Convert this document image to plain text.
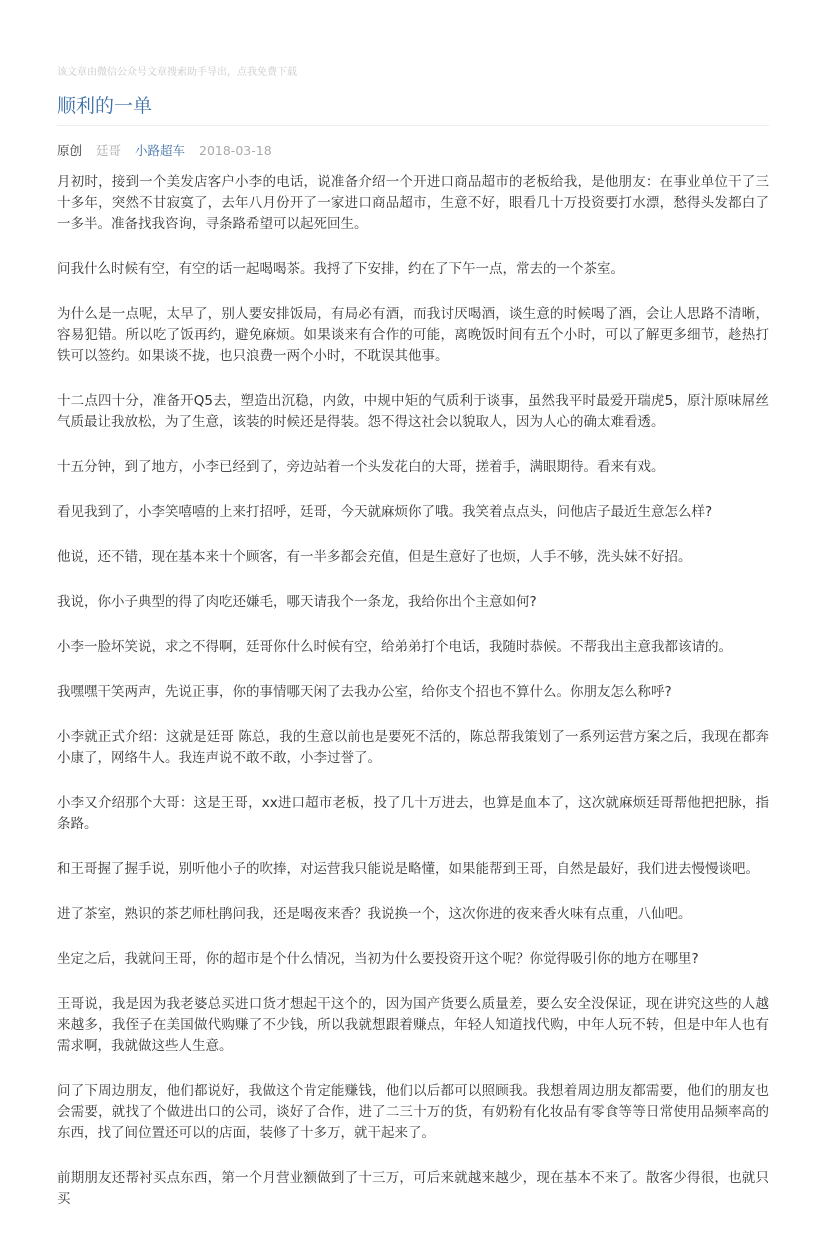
该文章由微信公众号文章搜索助手导出，点我免费下载
顺利的一单
原创 廷哥 小路超车 2018-03-18

月初时，接到一个美发店客户小李的电话，说准备介绍一个开进口商品超市的老板给我，是他朋友：在事业单位干了三十多年，突然不甘寂寞了，去年八月份开了一家进口商品超市，生意不好，眼看几十万投资要打水漂，愁得头发都白了一多半。准备找我咨询，寻条路希望可以起死回生。

问我什么时候有空，有空的话一起喝喝茶。我捋了下安排，约在了下午一点，常去的一个茶室。

为什么是一点呢，太早了，别人要安排饭局，有局必有酒，而我讨厌喝酒，谈生意的时候喝了酒，会让人思路不清晰，容易犯错。所以吃了饭再约，避免麻烦。如果谈来有合作的可能，离晚饭时间有五个小时，可以了解更多细节，趁热打铁可以签约。如果谈不拢，也只浪费一两个小时，不耽误其他事。

十二点四十分，准备开Q5去，塑造出沉稳，内敛，中规中矩的气质利于谈事，虽然我平时最爱开瑞虎5，原汁原味屌丝气质最让我放松，为了生意，该装的时候还是得装。怨不得这社会以貌取人，因为人心的确太难看透。

十五分钟，到了地方，小李已经到了，旁边站着一个头发花白的大哥，搓着手，满眼期待。看来有戏。

看见我到了，小李笑嘻嘻的上来打招呼，廷哥，今天就麻烦你了哦。我笑着点点头，问他店子最近生意怎么样?

他说，还不错，现在基本来十个顾客，有一半多都会充值，但是生意好了也烦，人手不够，洗头妹不好招。

我说，你小子典型的得了肉吃还嫌毛，哪天请我个一条龙，我给你出个主意如何?

小李一脸坏笑说，求之不得啊，廷哥你什么时候有空，给弟弟打个电话，我随时恭候。不帮我出主意我都该请的。

我嘿嘿干笑两声，先说正事，你的事情哪天闲了去我办公室，给你支个招也不算什么。你朋友怎么称呼?

小李就正式介绍：这就是廷哥 陈总，我的生意以前也是要死不活的，陈总帮我策划了一系列运营方案之后，我现在都奔小康了，网络牛人。我连声说不敢不敢，小李过誉了。

小李又介绍那个大哥：这是王哥，xx进口超市老板，投了几十万进去，也算是血本了，这次就麻烦廷哥帮他把把脉，指条路。

和王哥握了握手说，别听他小子的吹捧，对运营我只能说是略懂，如果能帮到王哥，自然是最好，我们进去慢慢谈吧。

进了茶室，熟识的茶艺师杜鹃问我，还是喝夜来香？我说换一个，这次你进的夜来香火味有点重，八仙吧。

坐定之后，我就问王哥，你的超市是个什么情况，当初为什么要投资开这个呢？你觉得吸引你的地方在哪里?

王哥说，我是因为我老婆总买进口货才想起干这个的，因为国产货要么质量差，要么安全没保证，现在讲究这些的人越来越多，我侄子在美国做代购赚了不少钱，所以我就想跟着赚点，年轻人知道找代购，中年人玩不转，但是中年人也有需求啊，我就做这些人生意。

问了下周边朋友，他们都说好，我做这个肯定能赚钱，他们以后都可以照顾我。我想着周边朋友都需要，他们的朋友也会需要，就找了个做进出口的公司，谈好了合作，进了二三十万的货，有奶粉有化妆品有零食等等日常使用品频率高的东西，找了间位置还可以的店面，装修了十多万，就干起来了。

前期朋友还帮衬买点东西，第一个月营业额做到了十三万，可后来就越来越少，现在基本不来了。散客少得很，也就只买
